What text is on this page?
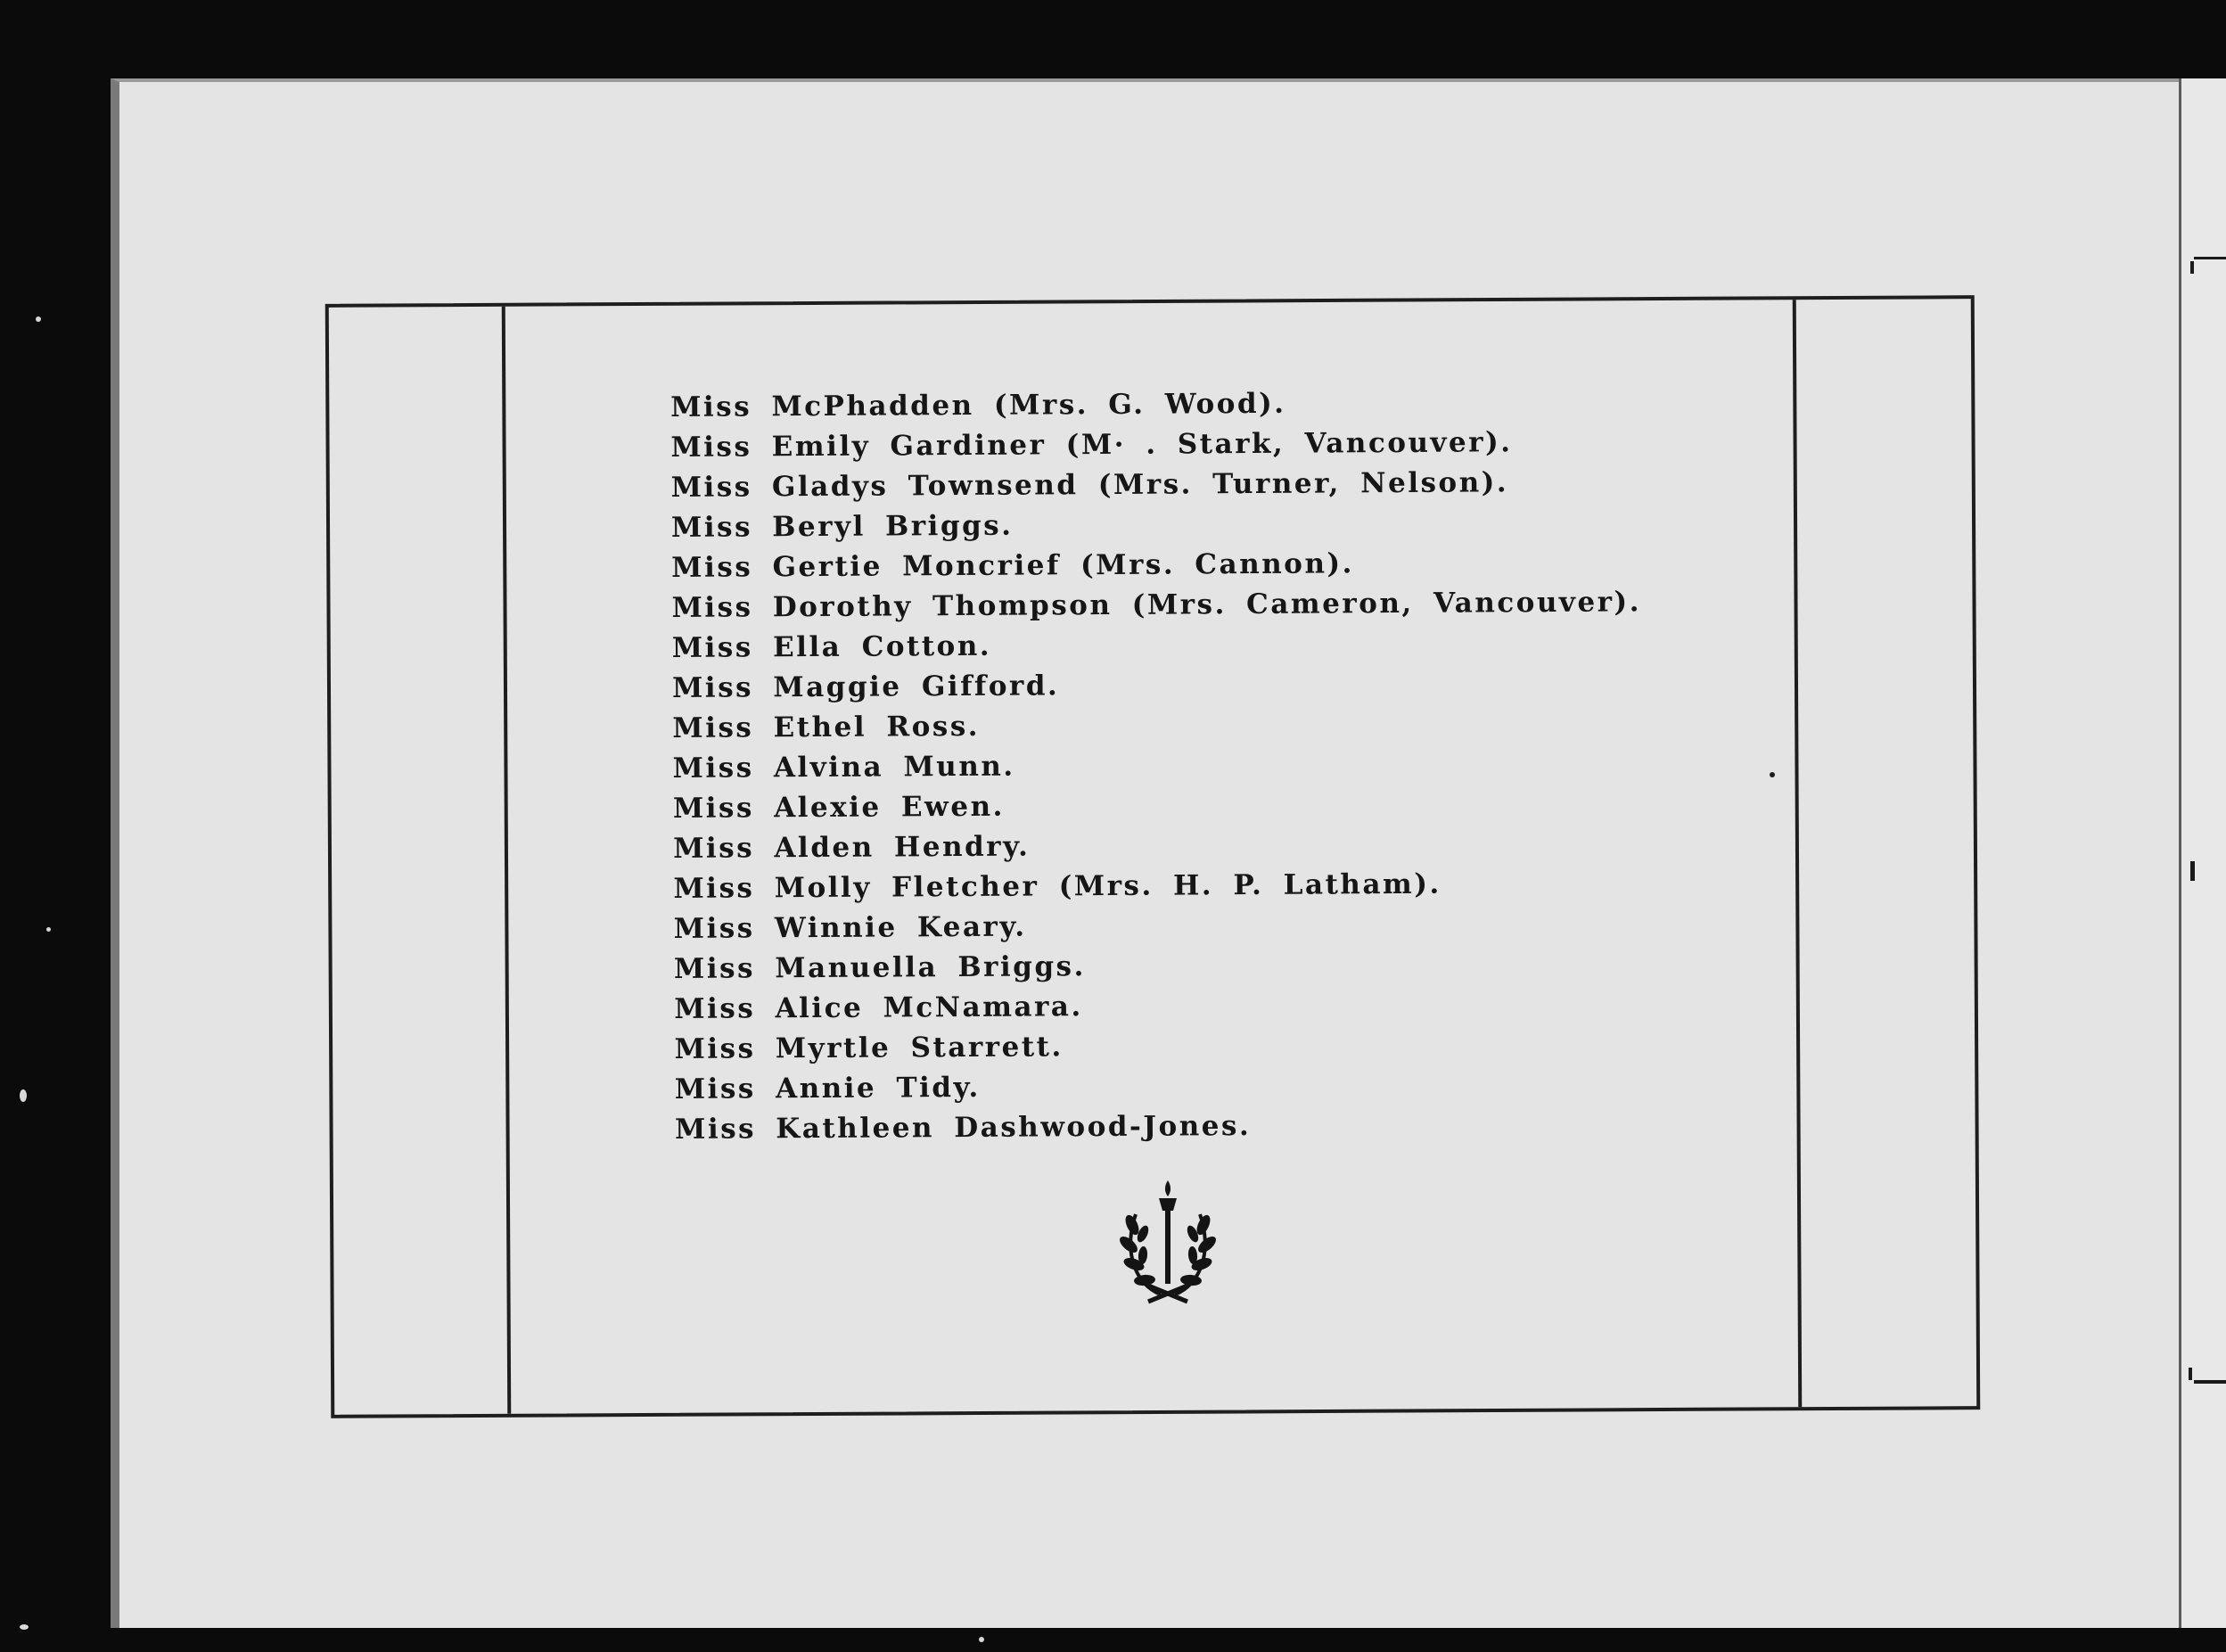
Miss McPhadden (Mrs. G. Wood).
Miss Emily Gardiner (M· . Stark, Vancouver).
Miss Gladys Townsend (Mrs. Turner, Nelson).
Miss Beryl Briggs.
Miss Gertie Moncrief (Mrs. Cannon).
Miss Dorothy Thompson (Mrs. Cameron, Vancouver).
Miss Ella Cotton.
Miss Maggie Gifford.
Miss Ethel Ross.
Miss Alvina Munn.
Miss Alexie Ewen.
Miss Alden Hendry.
Miss Molly Fletcher (Mrs. H. P. Latham).
Miss Winnie Keary.
Miss Manuella Briggs.
Miss Alice McNamara.
Miss Myrtle Starrett.
Miss Annie Tidy.
Miss Kathleen Dashwood-Jones.
